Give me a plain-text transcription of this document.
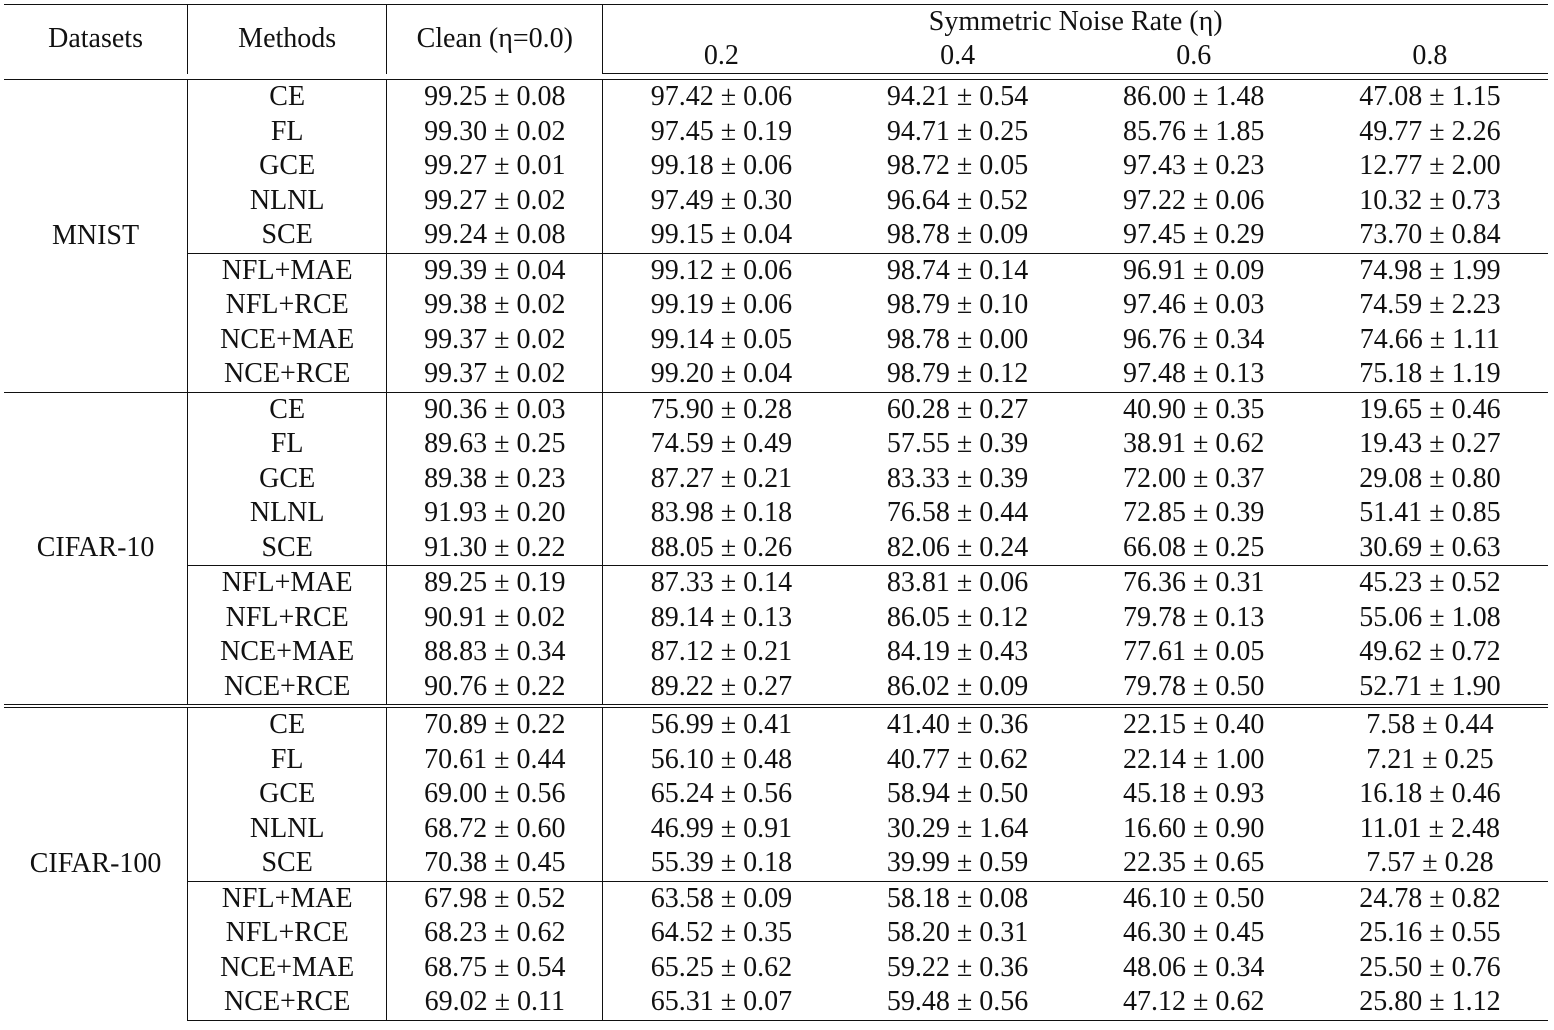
Datasets	Methods	Clean (η=0.0)	Symmetric Noise Rate (η)			
			0.2	0.4	0.6	0.8

MNIST	CE	99.25 ± 0.08	97.42 ± 0.06	94.21 ± 0.54	86.00 ± 1.48	47.08 ± 1.15
	FL	99.30 ± 0.02	97.45 ± 0.19	94.71 ± 0.25	85.76 ± 1.85	49.77 ± 2.26
	GCE	99.27 ± 0.01	99.18 ± 0.06	98.72 ± 0.05	97.43 ± 0.23	12.77 ± 2.00
	NLNL	99.27 ± 0.02	97.49 ± 0.30	96.64 ± 0.52	97.22 ± 0.06	10.32 ± 0.73
	SCE	99.24 ± 0.08	99.15 ± 0.04	98.78 ± 0.09	97.45 ± 0.29	73.70 ± 0.84
	NFL+MAE	99.39 ± 0.04	99.12 ± 0.06	98.74 ± 0.14	96.91 ± 0.09	74.98 ± 1.99
	NFL+RCE	99.38 ± 0.02	99.19 ± 0.06	98.79 ± 0.10	97.46 ± 0.03	74.59 ± 2.23
	NCE+MAE	99.37 ± 0.02	99.14 ± 0.05	98.78 ± 0.00	96.76 ± 0.34	74.66 ± 1.11
	NCE+RCE	99.37 ± 0.02	99.20 ± 0.04	98.79 ± 0.12	97.48 ± 0.13	75.18 ± 1.19
CIFAR-10	CE	90.36 ± 0.03	75.90 ± 0.28	60.28 ± 0.27	40.90 ± 0.35	19.65 ± 0.46
	FL	89.63 ± 0.25	74.59 ± 0.49	57.55 ± 0.39	38.91 ± 0.62	19.43 ± 0.27
	GCE	89.38 ± 0.23	87.27 ± 0.21	83.33 ± 0.39	72.00 ± 0.37	29.08 ± 0.80
	NLNL	91.93 ± 0.20	83.98 ± 0.18	76.58 ± 0.44	72.85 ± 0.39	51.41 ± 0.85
	SCE	91.30 ± 0.22	88.05 ± 0.26	82.06 ± 0.24	66.08 ± 0.25	30.69 ± 0.63
	NFL+MAE	89.25 ± 0.19	87.33 ± 0.14	83.81 ± 0.06	76.36 ± 0.31	45.23 ± 0.52
	NFL+RCE	90.91 ± 0.02	89.14 ± 0.13	86.05 ± 0.12	79.78 ± 0.13	55.06 ± 1.08
	NCE+MAE	88.83 ± 0.34	87.12 ± 0.21	84.19 ± 0.43	77.61 ± 0.05	49.62 ± 0.72
	NCE+RCE	90.76 ± 0.22	89.22 ± 0.27	86.02 ± 0.09	79.78 ± 0.50	52.71 ± 1.90
CIFAR-100	CE	70.89 ± 0.22	56.99 ± 0.41	41.40 ± 0.36	22.15 ± 0.40	7.58 ± 0.44
	FL	70.61 ± 0.44	56.10 ± 0.48	40.77 ± 0.62	22.14 ± 1.00	7.21 ± 0.25
	GCE	69.00 ± 0.56	65.24 ± 0.56	58.94 ± 0.50	45.18 ± 0.93	16.18 ± 0.46
	NLNL	68.72 ± 0.60	46.99 ± 0.91	30.29 ± 1.64	16.60 ± 0.90	11.01 ± 2.48
	SCE	70.38 ± 0.45	55.39 ± 0.18	39.99 ± 0.59	22.35 ± 0.65	7.57 ± 0.28
	NFL+MAE	67.98 ± 0.52	63.58 ± 0.09	58.18 ± 0.08	46.10 ± 0.50	24.78 ± 0.82
	NFL+RCE	68.23 ± 0.62	64.52 ± 0.35	58.20 ± 0.31	46.30 ± 0.45	25.16 ± 0.55
	NCE+MAE	68.75 ± 0.54	65.25 ± 0.62	59.22 ± 0.36	48.06 ± 0.34	25.50 ± 0.76
	NCE+RCE	69.02 ± 0.11	65.31 ± 0.07	59.48 ± 0.56	47.12 ± 0.62	25.80 ± 1.12
